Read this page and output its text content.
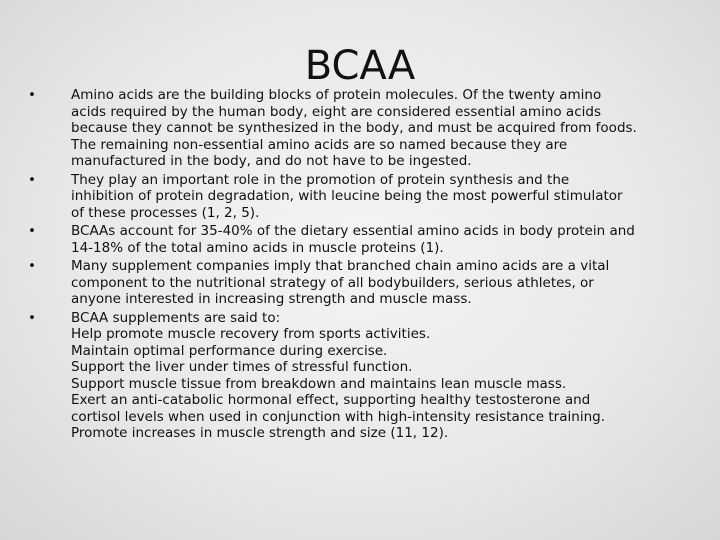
BCAA
•	Amino acids are the building blocks of protein molecules. Of the twenty amino
acids required by the human body, eight are considered essential amino acids
because they cannot be synthesized in the body, and must be acquired from foods.
The remaining non-essential amino acids are so named because they are
manufactured in the body, and do not have to be ingested.
•	They play an important role in the promotion of protein synthesis and the
inhibition of protein degradation, with leucine being the most powerful stimulator
of these processes (1, 2, 5).
•	BCAAs account for 35-40% of the dietary essential amino acids in body protein and
14-18% of the total amino acids in muscle proteins (1).
•	Many supplement companies imply that branched chain amino acids are a vital
component to the nutritional strategy of all bodybuilders, serious athletes, or
anyone interested in increasing strength and muscle mass.
•	BCAA supplements are said to:
Help promote muscle recovery from sports activities.
Maintain optimal performance during exercise.
Support the liver under times of stressful function.
Support muscle tissue from breakdown and maintains lean muscle mass.
Exert an anti-catabolic hormonal effect, supporting healthy testosterone and
cortisol levels when used in conjunction with high-intensity resistance training.
Promote increases in muscle strength and size (11, 12).
